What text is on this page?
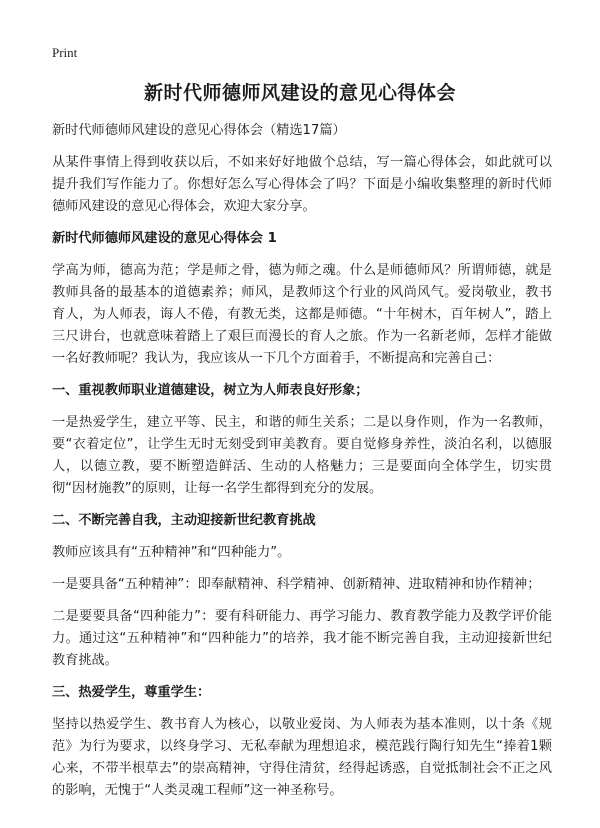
Print
新时代师德师风建设的意见心得体会

新时代师德师风建设的意见心得体会（精选17篇）

从某件事情上得到收获以后，不如来好好地做个总结，写一篇心得体会，如此就可以提升我们写作能力了。你想好怎么写心得体会了吗？下面是小编收集整理的新时代师德师风建设的意见心得体会，欢迎大家分享。

新时代师德师风建设的意见心得体会 1

学高为师，德高为范；学是师之骨，德为师之魂。什么是师德师风？所谓师德，就是教师具备的最基本的道德素养；师风，是教师这个行业的风尚风气。爱岗敬业，教书育人，为人师表，诲人不倦，有教无类，这都是师德。“十年树木，百年树人”，踏上三尺讲台，也就意味着踏上了艰巨而漫长的育人之旅。作为一名新老师，怎样才能做一名好教师呢？我认为，我应该从一下几个方面着手，不断提高和完善自己：

一、重视教师职业道德建设，树立为人师表良好形象；

一是热爱学生，建立平等、民主，和谐的师生关系；二是以身作则，作为一名教师，要“衣着定位”，让学生无时无刻受到审美教育。要自觉修身养性，淡泊名利，以德服人，以德立教，要不断塑造鲜活、生动的人格魅力；三是要面向全体学生，切实贯彻“因材施教”的原则，让每一名学生都得到充分的发展。

二、不断完善自我，主动迎接新世纪教育挑战

教师应该具有“五种精神”和“四种能力”。

一是要具备“五种精神”：即奉献精神、科学精神、创新精神、进取精神和协作精神；

二是要要具备“四种能力”：要有科研能力、再学习能力、教育教学能力及教学评价能力。通过这“五种精神”和“四种能力”的培养，我才能不断完善自我，主动迎接新世纪教育挑战。

三、热爱学生，尊重学生：

坚持以热爱学生、教书育人为核心，以敬业爱岗、为人师表为基本准则，以十条《规范》为行为要求，以终身学习、无私奉献为理想追求，模范践行陶行知先生“捧着1颗心来，不带半根草去”的崇高精神，守得住清贫，经得起诱惑，自觉抵制社会不正之风的影响，无愧于“人类灵魂工程师”这一神圣称号。
